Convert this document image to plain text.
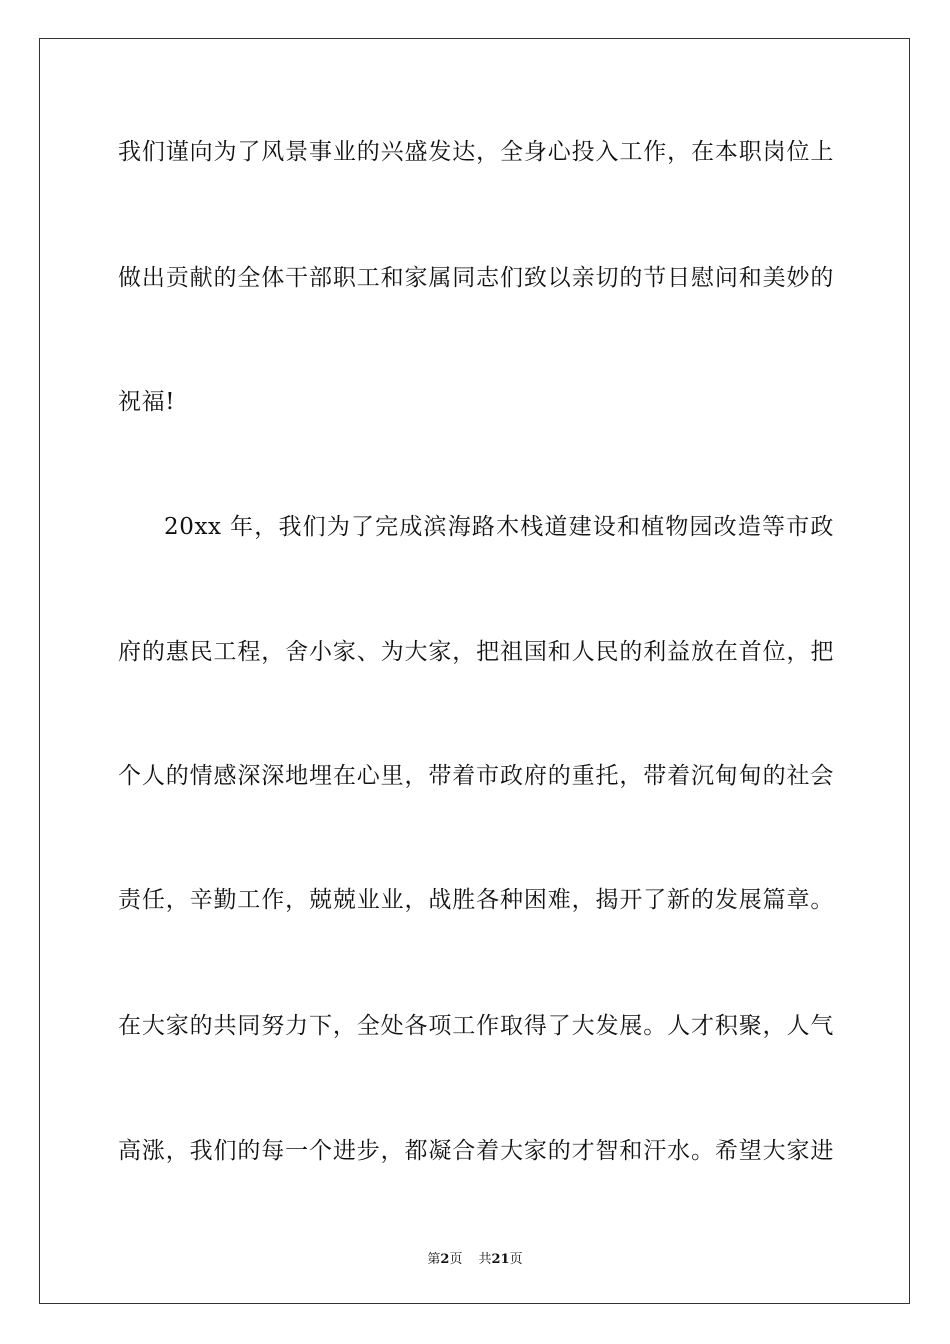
我们谨向为了风景事业的兴盛发达，全身心投入工作，在本职岗位上
做出贡献的全体干部职工和家属同志们致以亲切的节日慰问和美妙的
祝福!
20xx 年，我们为了完成滨海路木栈道建设和植物园改造等市政
府的惠民工程，舍小家、为大家，把祖国和人民的利益放在首位，把
个人的情感深深地埋在心里，带着市政府的重托，带着沉甸甸的社会
责任，辛勤工作，兢兢业业，战胜各种困难，揭开了新的发展篇章。
在大家的共同努力下，全处各项工作取得了大发展。人才积聚，人气
高涨，我们的每一个进步，都凝合着大家的才智和汗水。希望大家进
第2页 共21页
